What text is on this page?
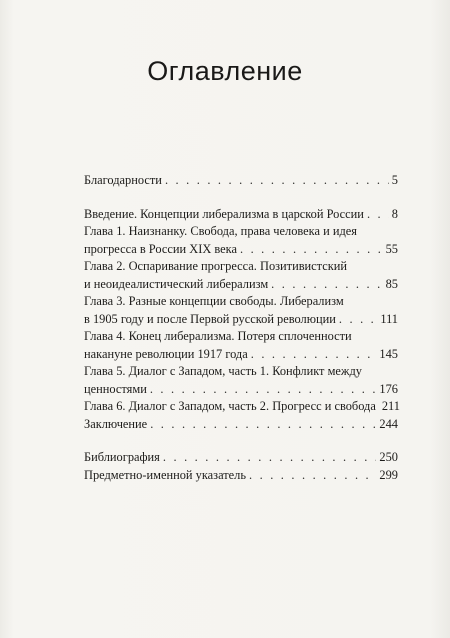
Оглавление
Благодарности . . .	5
Введение. Концепции либерализма в царской России . . . 8
Глава 1. Наизнанку. Свобода, права человека и идея
прогресса в России XIX века . . .	55
Глава 2. Оспаривание прогресса. Позитивистский
и неоидеалистический либерализм . . .	85
Глава 3. Разные концепции свободы. Либерализм
в 1905 году и после Первой русской революции . . .	111
Глава 4. Конец либерализма. Потеря сплоченности
накануне революции 1917 года . . .	145
Глава 5. Диалог с Западом, часть 1. Конфликт между
ценностями . . .	176
Глава 6. Диалог с Западом, часть 2. Прогресс и свобода 211
Заключение . . .	244
Библиография . . .	250
Предметно-именной указатель . . .	299
